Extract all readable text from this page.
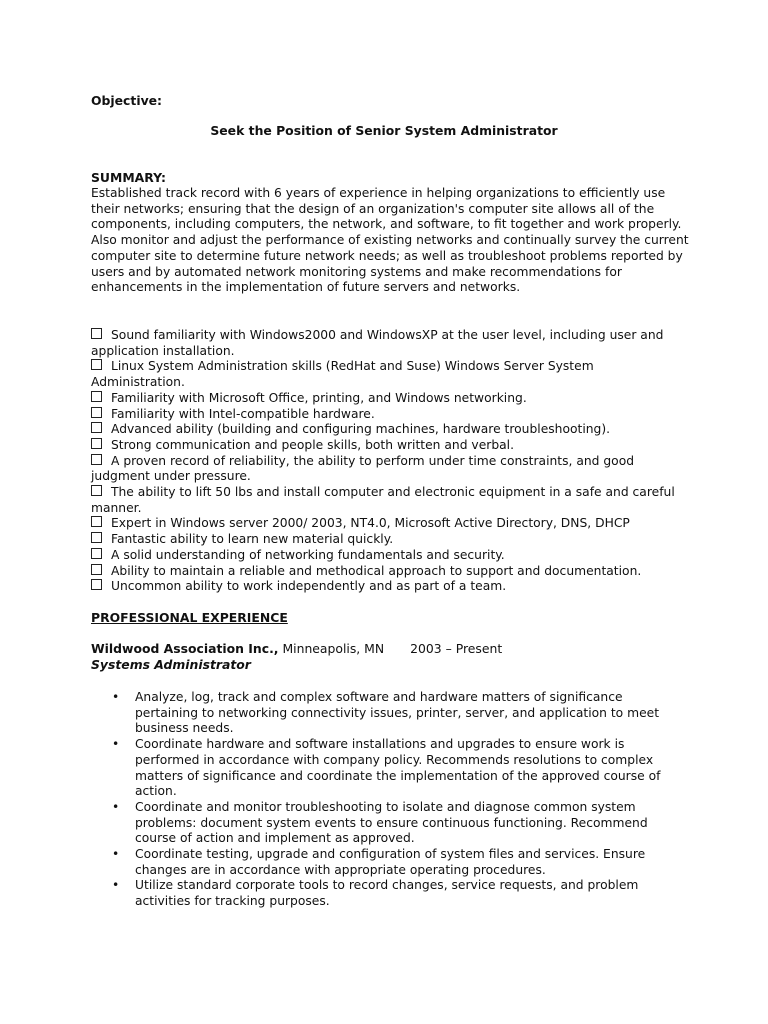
Objective:
Seek the Position of Senior System Administrator
SUMMARY:
Established track record with 6 years of experience in helping organizations to efficiently use their networks; ensuring that the design of an organization's computer site allows all of the components, including computers, the network, and software, to fit together and work properly. Also monitor and adjust the performance of existing networks and continually survey the current computer site to determine future network needs; as well as troubleshoot problems reported by users and by automated network monitoring systems and make recommendations for enhancements in the implementation of future servers and networks.
Sound familiarity with Windows2000 and WindowsXP at the user level, including user and application installation.
Linux System Administration skills (RedHat and Suse) Windows Server System Administration.
Familiarity with Microsoft Office, printing, and Windows networking.
Familiarity with Intel-compatible hardware.
Advanced ability (building and configuring machines, hardware troubleshooting).
Strong communication and people skills, both written and verbal.
A proven record of reliability, the ability to perform under time constraints, and good judgment under pressure.
The ability to lift 50 lbs and install computer and electronic equipment in a safe and careful manner.
Expert in Windows server 2000/ 2003, NT4.0, Microsoft Active Directory, DNS, DHCP
Fantastic ability to learn new material quickly.
A solid understanding of networking fundamentals and security.
Ability to maintain a reliable and methodical approach to support and documentation.
Uncommon ability to work independently and as part of a team.
PROFESSIONAL EXPERIENCE
Wildwood Association Inc., Minneapolis, MN 2003 – Present
Systems Administrator
• Analyze, log, track and complex software and hardware matters of significance pertaining to networking connectivity issues, printer, server, and application to meet business needs.
• Coordinate hardware and software installations and upgrades to ensure work is performed in accordance with company policy. Recommends resolutions to complex matters of significance and coordinate the implementation of the approved course of action.
• Coordinate and monitor troubleshooting to isolate and diagnose common system problems: document system events to ensure continuous functioning. Recommend course of action and implement as approved.
• Coordinate testing, upgrade and configuration of system files and services. Ensure changes are in accordance with appropriate operating procedures.
• Utilize standard corporate tools to record changes, service requests, and problem activities for tracking purposes.
